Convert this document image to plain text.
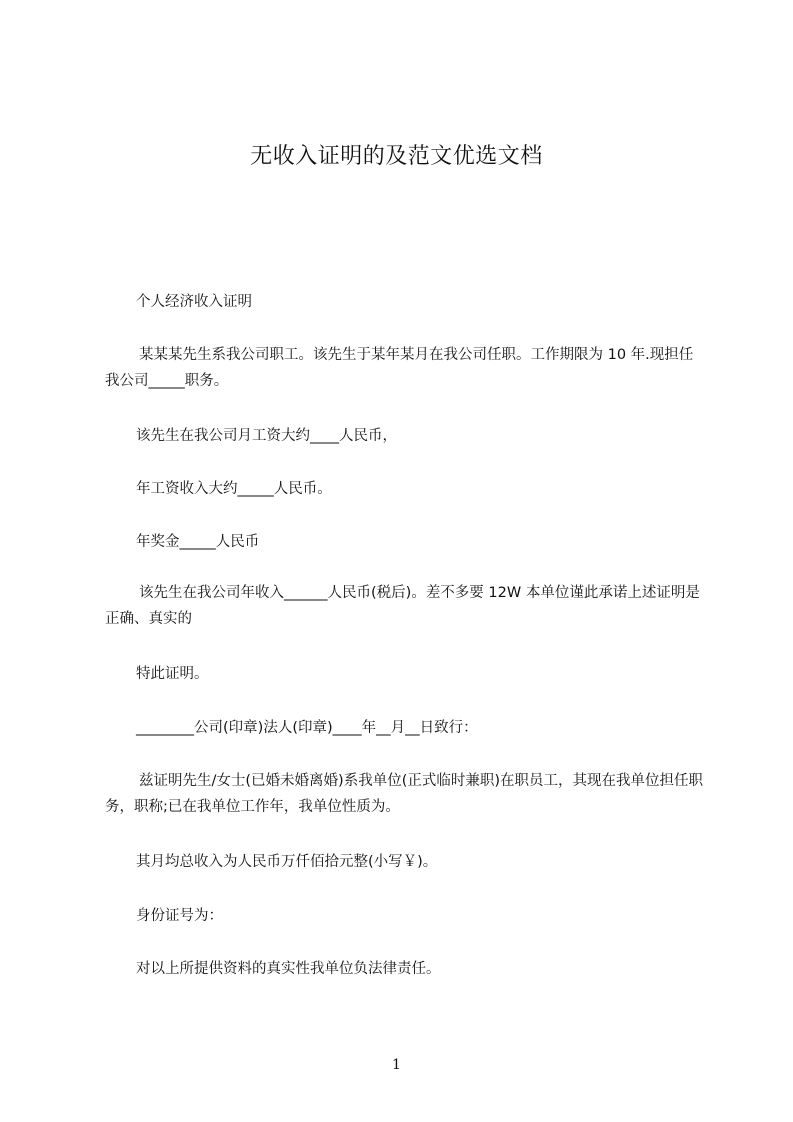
无收入证明的及范文优选文档

个人经济收入证明

某某某先生系我公司职工。该先生于某年某月在我公司任职。工作期限为 10 年.现担任我公司_____职务。

该先生在我公司月工资大约____人民币，

年工资收入大约_____人民币。

年奖金_____人民币

该先生在我公司年收入______人民币(税后)。差不多要 12W 本单位谨此承诺上述证明是正确、真实的

特此证明。

________公司(印章)法人(印章)____年__月__日致行：

兹证明先生/女士(已婚未婚离婚)系我单位(正式临时兼职)在职员工，其现在我单位担任职务，职称;已在我单位工作年，我单位性质为。

其月均总收入为人民币万仟佰拾元整(小写￥)。

身份证号为：

对以上所提供资料的真实性我单位负法律责任。

1
